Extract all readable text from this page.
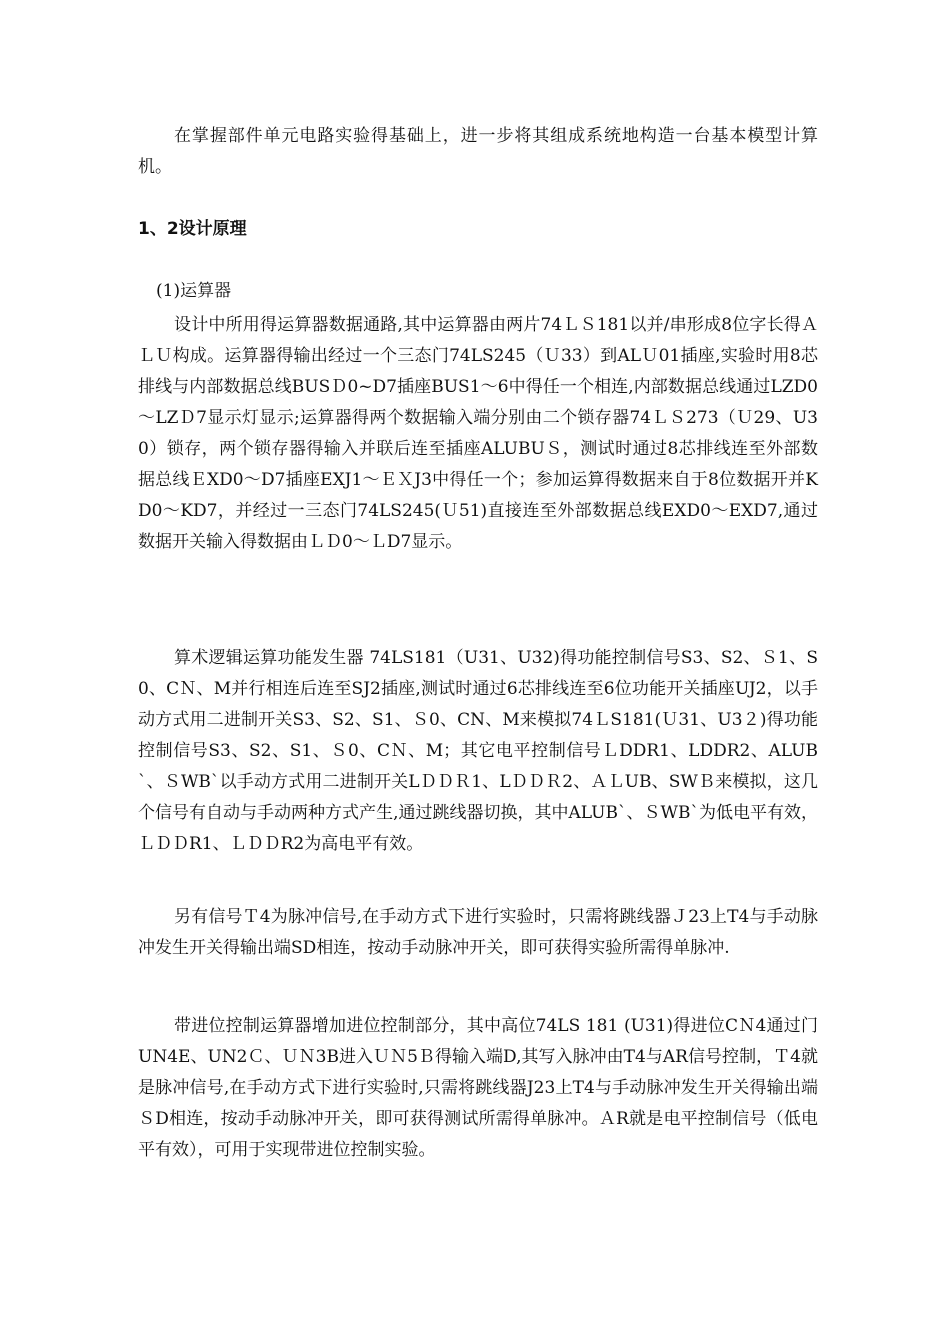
在掌握部件单元电路实验得基础上，进一步将其组成系统地构造一台基本模型计算机。

1、2设计原理

(1)运算器

设计中所用得运算器数据通路,其中运算器由两片74ＬＳ181以并/串形成8位字长得ＡＬＵ构成。运算器得输出经过一个三态门74LS245（Ｕ33）到ALＵ01插座,实验时用8芯排线与内部数据总线BUSＤ0~D7插座BUS1～6中得任一个相连,内部数据总线通过LZD0～LZＤ7显示灯显示;运算器得两个数据输入端分别由二个锁存器74ＬＳ273（Ｕ29、U30）锁存，两个锁存器得输入并联后连至插座ALUBUＳ，测试时通过8芯排线连至外部数据总线ＥXD0～D7插座EXJ1～ＥＸJ3中得任一个；参加运算得数据来自于8位数据开并KD0～KD7，并经过一三态门74LS245(Ｕ51)直接连至外部数据总线EXD0～EXD7,通过数据开关输入得数据由ＬＤ0～ＬD7显示。

算术逻辑运算功能发生器 74LS181（U31、U32)得功能控制信号S3、S2、Ｓ1、S0、CＮ、M并行相连后连至SJ2插座,测试时通过6芯排线连至6位功能开关插座UJ2，以手动方式用二进制开关S3、S2、S1、Ｓ0、CN、M来模拟74ＬS181(Ｕ31、U3２)得功能控制信号S3、S2、S1、Ｓ0、CＮ、M；其它电平控制信号ＬDDR1、LDDR2、ALUB`、ＳWB`以手动方式用二进制开关LＤＤＲ1、LＤＤＲ2、ＡＬUB、SWＢ来模拟，这几个信号有自动与手动两种方式产生,通过跳线器切换，其中ALUB`、ＳWB`为低电平有效，ＬＤＤR1、ＬＤＤR2为高电平有效。

另有信号Ｔ4为脉冲信号,在手动方式下进行实验时，只需将跳线器Ｊ23上T4与手动脉冲发生开关得输出端SD相连，按动手动脉冲开关，即可获得实验所需得单脉冲.

带进位控制运算器增加进位控制部分，其中高位74LS 181 (U31)得进位CＮ4通过门UN4E、UN2Ｃ、ＵＮ3B进入ＵＮ5Ｂ得输入端D,其写入脉冲由T4与AR信号控制，Ｔ4就是脉冲信号,在手动方式下进行实验时,只需将跳线器J23上T4与手动脉冲发生开关得输出端ＳD相连，按动手动脉冲开关，即可获得测试所需得单脉冲。ＡR就是电平控制信号（低电平有效），可用于实现带进位控制实验。
